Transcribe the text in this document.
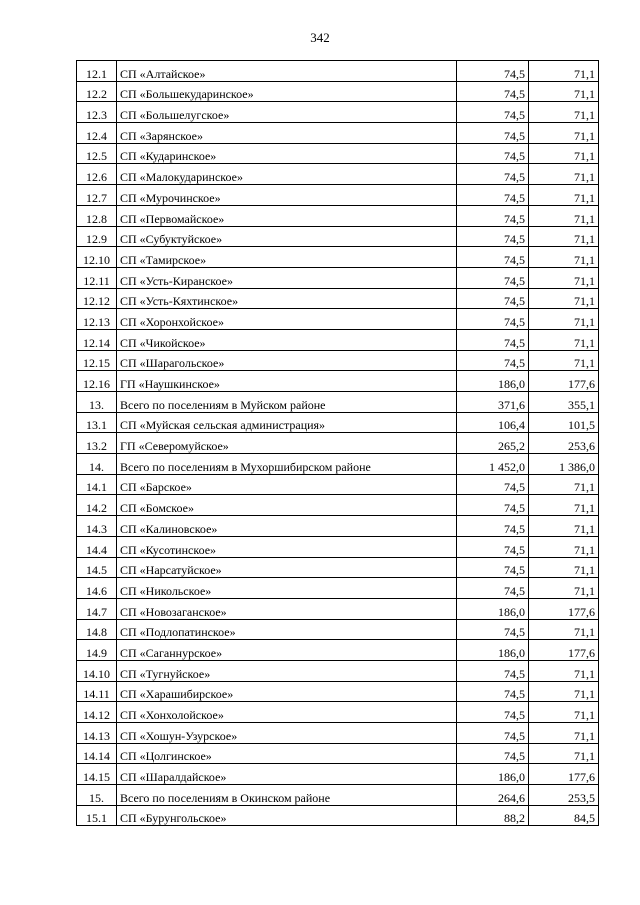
342
12.1	СП «Алтайское»	74,5	71,1
12.2	СП «Большекударинское»	74,5	71,1
12.3	СП «Большелугское»	74,5	71,1
12.4	СП «Зарянское»	74,5	71,1
12.5	СП «Кударинское»	74,5	71,1
12.6	СП «Малокударинское»	74,5	71,1
12.7	СП «Мурочинское»	74,5	71,1
12.8	СП «Первомайское»	74,5	71,1
12.9	СП «Субуктуйское»	74,5	71,1
12.10	СП «Тамирское»	74,5	71,1
12.11	СП «Усть-Киранское»	74,5	71,1
12.12	СП «Усть-Кяхтинское»	74,5	71,1
12.13	СП «Хоронхойское»	74,5	71,1
12.14	СП «Чикойское»	74,5	71,1
12.15	СП «Шарагольское»	74,5	71,1
12.16	ГП «Наушкинское»	186,0	177,6
13.	Всего по поселениям в Муйском районе	371,6	355,1
13.1	СП «Муйская сельская администрация»	106,4	101,5
13.2	ГП «Северомуйское»	265,2	253,6
14.	Всего по поселениям в Мухоршибирском районе	1 452,0	1 386,0
14.1	СП «Барское»	74,5	71,1
14.2	СП «Бомское»	74,5	71,1
14.3	СП «Калиновское»	74,5	71,1
14.4	СП «Кусотинское»	74,5	71,1
14.5	СП «Нарсатуйское»	74,5	71,1
14.6	СП «Никольское»	74,5	71,1
14.7	СП «Новозаганское»	186,0	177,6
14.8	СП «Подлопатинское»	74,5	71,1
14.9	СП «Саганнурское»	186,0	177,6
14.10	СП «Тугнуйское»	74,5	71,1
14.11	СП «Харашибирское»	74,5	71,1
14.12	СП «Хонхолойское»	74,5	71,1
14.13	СП «Хошун-Узурское»	74,5	71,1
14.14	СП «Цолгинское»	74,5	71,1
14.15	СП «Шаралдайское»	186,0	177,6
15.	Всего по поселениям в Окинском районе	264,6	253,5
15.1	СП «Бурунгольское»	88,2	84,5
